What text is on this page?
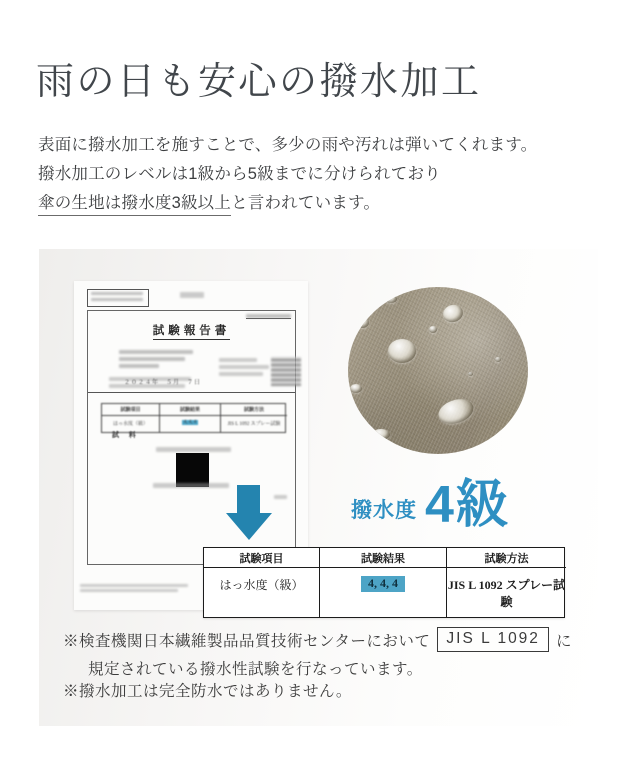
雨の日も安心の撥水加工
表面に撥水加工を施すことで、多少の雨や汚れは弾いてくれます。
撥水加工のレベルは1級から5級までに分けられており
傘の生地は撥水度3級以上と言われています。
試験報告書
２０２４年　５月　７日
試験項目	試験結果	試験方法
はっ水度（級）	4, 4, 4	JIS L 1092 スプレー試験
試 料
撥水度 4級
試験項目	試験結果	試験方法
はっ水度（級）	4, 4, 4	JIS L 1092 スプレー試験
※検査機関日本繊維製品品質技術センターにおいて	JIS L 1092	に
規定されている撥水性試験を行なっています。
※撥水加工は完全防水ではありません。
